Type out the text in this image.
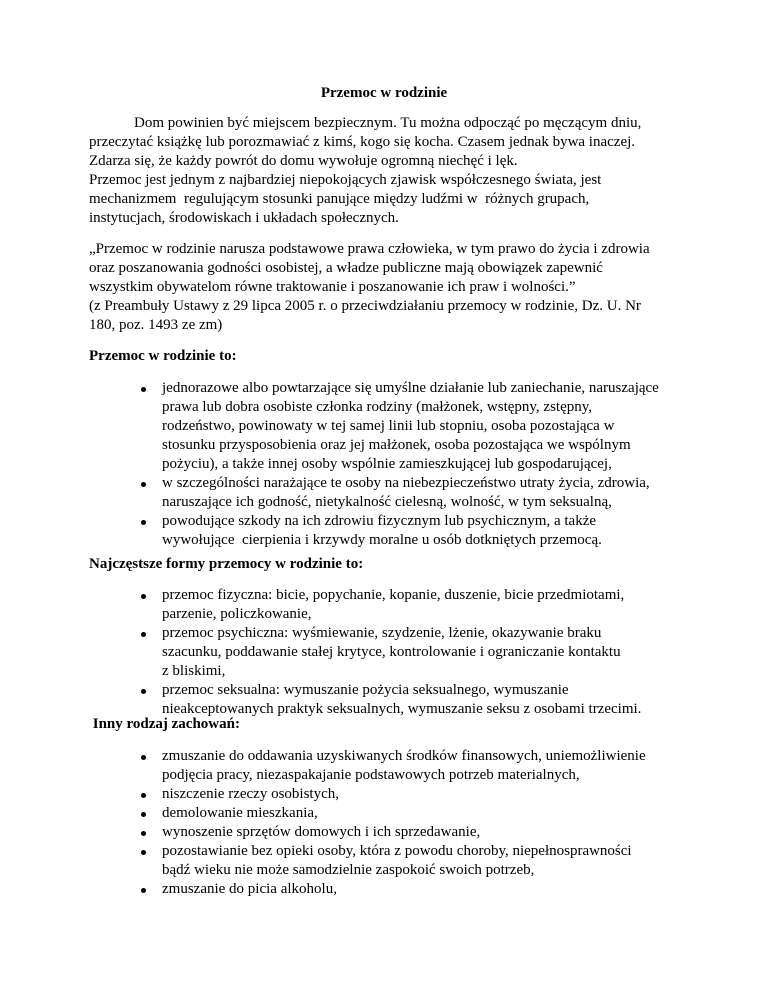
Przemoc w rodzinie
Dom powinien być miejscem bezpiecznym. Tu można odpocząć po męczącym dniu,
przeczytać książkę lub porozmawiać z kimś, kogo się kocha. Czasem jednak bywa inaczej.
Zdarza się, że każdy powrót do domu wywołuje ogromną niechęć i lęk.
Przemoc jest jednym z najbardziej niepokojących zjawisk współczesnego świata, jest
mechanizmem  regulującym stosunki panujące między ludźmi w  różnych grupach,
instytucjach, środowiskach i układach społecznych.
„Przemoc w rodzinie narusza podstawowe prawa człowieka, w tym prawo do życia i zdrowia
oraz poszanowania godności osobistej, a władze publiczne mają obowiązek zapewnić
wszystkim obywatelom równe traktowanie i poszanowanie ich praw i wolności.”
(z Preambuły Ustawy z 29 lipca 2005 r. o przeciwdziałaniu przemocy w rodzinie, Dz. U. Nr
180, poz. 1493 ze zm)
Przemoc w rodzinie to:
jednorazowe albo powtarzające się umyślne działanie lub zaniechanie, naruszające
prawa lub dobra osobiste członka rodziny (małżonek, wstępny, zstępny,
rodzeństwo, powinowaty w tej samej linii lub stopniu, osoba pozostająca w
stosunku przysposobienia oraz jej małżonek, osoba pozostająca we wspólnym
pożyciu), a także innej osoby wspólnie zamieszkującej lub gospodarującej,
w szczególności narażające te osoby na niebezpieczeństwo utraty życia, zdrowia,
naruszające ich godność, nietykalność cielesną, wolność, w tym seksualną,
powodujące szkody na ich zdrowiu fizycznym lub psychicznym, a także
wywołujące  cierpienia i krzywdy moralne u osób dotkniętych przemocą.
Najczęstsze formy przemocy w rodzinie to:
przemoc fizyczna: bicie, popychanie, kopanie, duszenie, bicie przedmiotami,
parzenie, policzkowanie,
przemoc psychiczna: wyśmiewanie, szydzenie, lżenie, okazywanie braku
szacunku, poddawanie stałej krytyce, kontrolowanie i ograniczanie kontaktu
z bliskimi,
przemoc seksualna: wymuszanie pożycia seksualnego, wymuszanie
nieakceptowanych praktyk seksualnych, wymuszanie seksu z osobami trzecimi.
Inny rodzaj zachowań:
zmuszanie do oddawania uzyskiwanych środków finansowych, uniemożliwienie
podjęcia pracy, niezaspakajanie podstawowych potrzeb materialnych,
niszczenie rzeczy osobistych,
demolowanie mieszkania,
wynoszenie sprzętów domowych i ich sprzedawanie,
pozostawianie bez opieki osoby, która z powodu choroby, niepełnosprawności
bądź wieku nie może samodzielnie zaspokoić swoich potrzeb,
zmuszanie do picia alkoholu,
